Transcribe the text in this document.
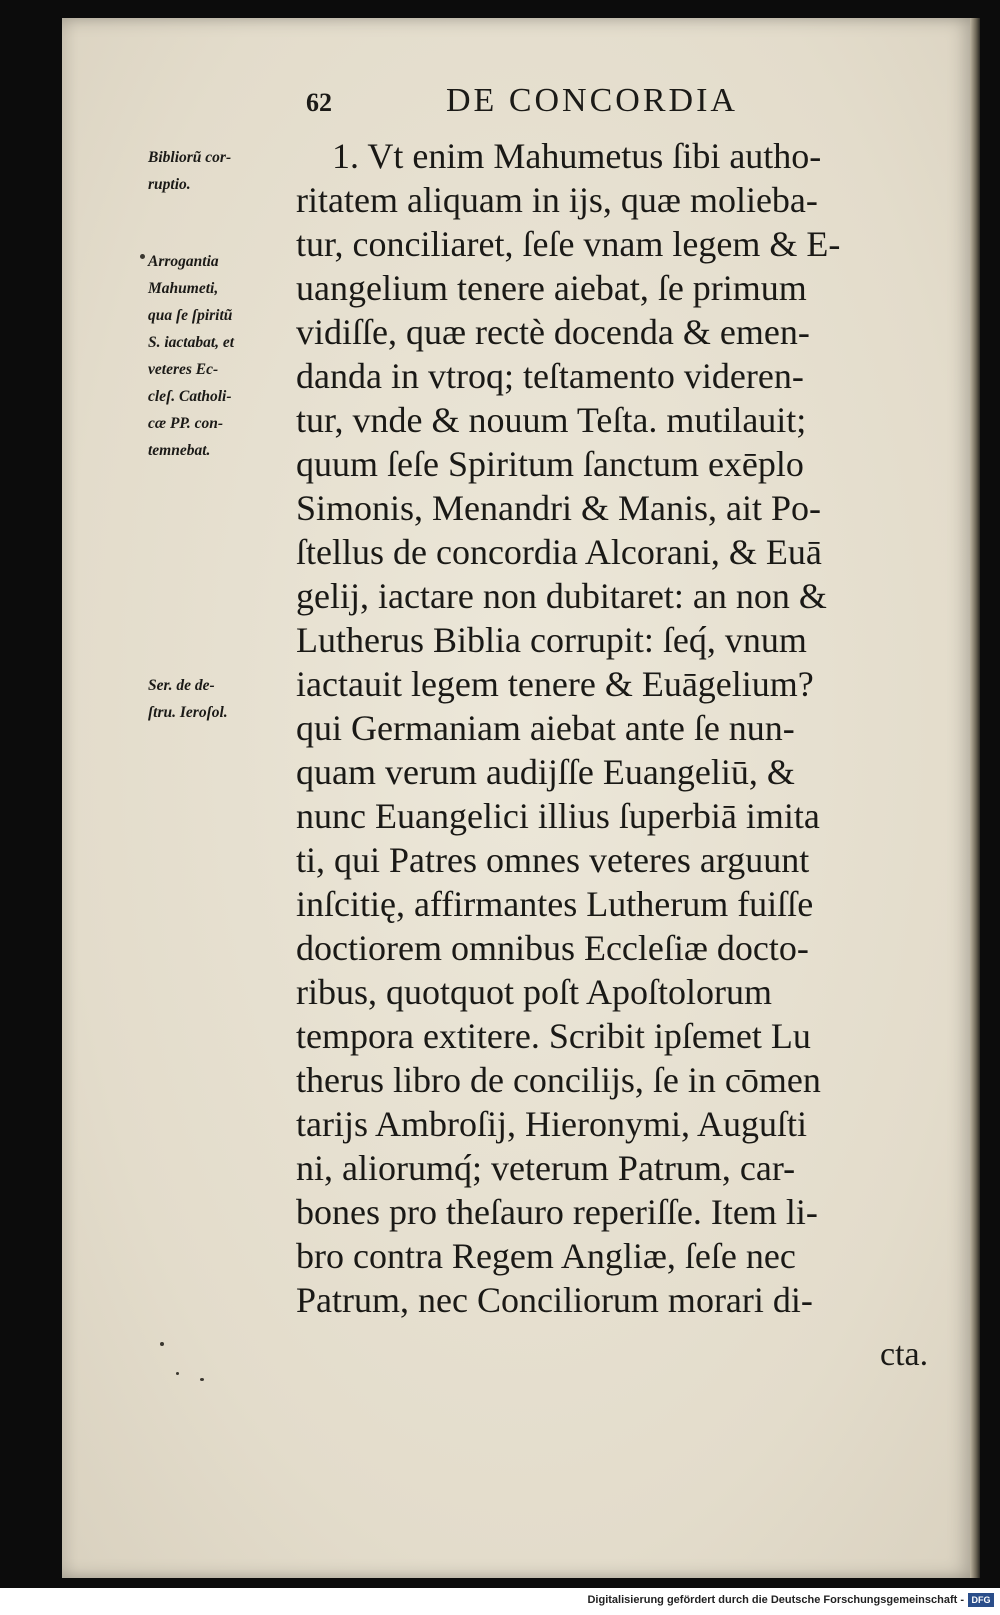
62	DE CONCORDIA
Bibliorũ cor-
ruptio.
Arrogantia
Mahumeti,
qua ſe ſpiritũ
S. iactabat, et
veteres Ec-
cleſ. Catholi-
cæ PP. con-
temnebat.
Ser. de de-
ſtru. Ieroſol.
1. Vt enim Mahumetus ſibi autho-
ritatem aliquam in ijs, quæ molieba-
tur, conciliaret, ſeſe vnam legem & E-
uangelium tenere aiebat, ſe primum
vidiſſe, quæ rectè docenda & emen-
danda in vtroq; teſtamento videren-
tur, vnde & nouum Teſta. mutilauit;
quum ſeſe Spiritum ſanctum exēplo
Simonis, Menandri & Manis, ait Po-
ſtellus de concordia Alcorani, & Euā
gelij, iactare non dubitaret: an non &
Lutherus Biblia corrupit: ſeq́, vnum
iactauit legem tenere & Euāgelium?
qui Germaniam aiebat ante ſe nun-
quam verum audijſſe Euangeliū, &
nunc Euangelici illius ſuperbiā imita
ti, qui Patres omnes veteres arguunt
inſcitię, affirmantes Lutherum fuiſſe
doctiorem omnibus Eccleſiæ docto-
ribus, quotquot poſt Apoſtolorum
tempora extitere. Scribit ipſemet Lu
therus libro de concilijs, ſe in cōmen
tarijs Ambroſij, Hieronymi, Auguſti
ni, aliorumq́; veterum Patrum, car-
bones pro theſauro reperiſſe. Item li-
bro contra Regem Angliæ, ſeſe nec
Patrum, nec Conciliorum morari di-
cta.
Digitalisierung gefördert durch die Deutsche Forschungsgemeinschaft - DFG
